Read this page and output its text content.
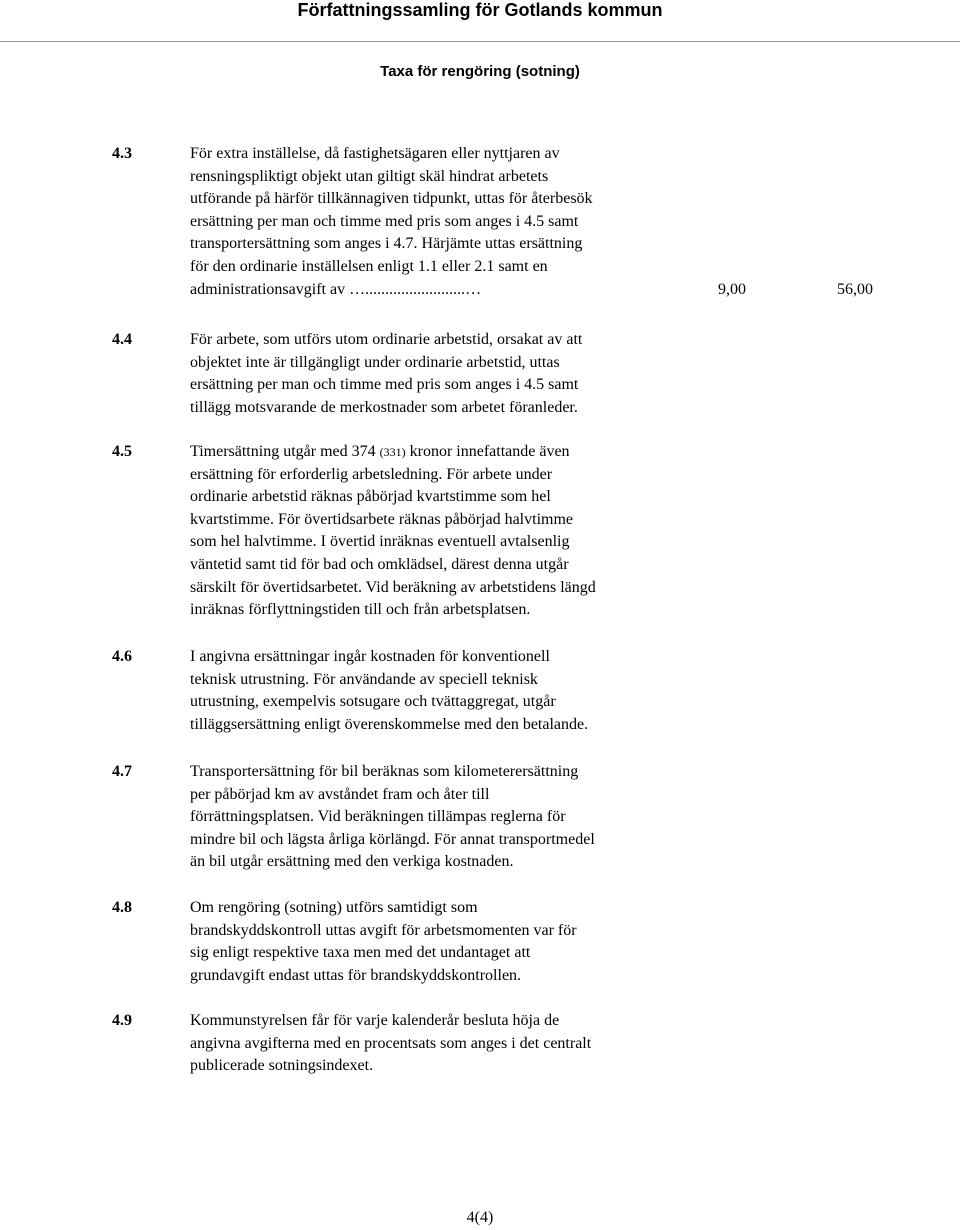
Författningssamling för Gotlands kommun
Taxa för rengöring (sotning)
4.3	För extra inställelse, då fastighetsägaren eller nyttjaren av
rensningspliktigt objekt utan giltigt skäl hindrat arbetets
utförande på härför tillkännagiven tidpunkt, uttas för återbesök
ersättning per man och timme med pris som anges i 4.5 samt
transportersättning som anges i 4.7. Härjämte uttas ersättning
för den ordinarie inställelsen enligt 1.1 eller 2.1 samt en
administrationsavgift av ….........................…	9,00	56,00
4.4	För arbete, som utförs utom ordinarie arbetstid, orsakat av att
objektet inte är tillgängligt under ordinarie arbetstid, uttas
ersättning per man och timme med pris som anges i 4.5 samt
tillägg motsvarande de merkostnader som arbetet föranleder.
4.5	Timersättning utgår med 374 (331) kronor innefattande även
ersättning för erforderlig arbetsledning. För arbete under
ordinarie arbetstid räknas påbörjad kvartstimme som hel
kvartstimme. För övertidsarbete räknas påbörjad halvtimme
som hel halvtimme. I övertid inräknas eventuell avtalsenlig
väntetid samt tid för bad och omklädsel, därest denna utgår
särskilt för övertidsarbetet. Vid beräkning av arbetstidens längd
inräknas förflyttningstiden till och från arbetsplatsen.
4.6	I angivna ersättningar ingår kostnaden för konventionell
teknisk utrustning. För användande av speciell teknisk
utrustning, exempelvis sotsugare och tvättaggregat, utgår
tilläggsersättning enligt överenskommelse med den betalande.
4.7	Transportersättning för bil beräknas som kilometerersättning
per påbörjad km av avståndet fram och åter till
förrättningsplatsen. Vid beräkningen tillämpas reglerna för
mindre bil och lägsta årliga körlängd. För annat transportmedel
än bil utgår ersättning med den verkiga kostnaden.
4.8	Om rengöring (sotning) utförs samtidigt som
brandskyddskontroll uttas avgift för arbetsmomenten var för
sig enligt respektive taxa men med det undantaget att
grundavgift endast uttas för brandskyddskontrollen.
4.9	Kommunstyrelsen får för varje kalenderår besluta höja de
angivna avgifterna med en procentsats som anges i det centralt
publicerade sotningsindexet.
4(4)
